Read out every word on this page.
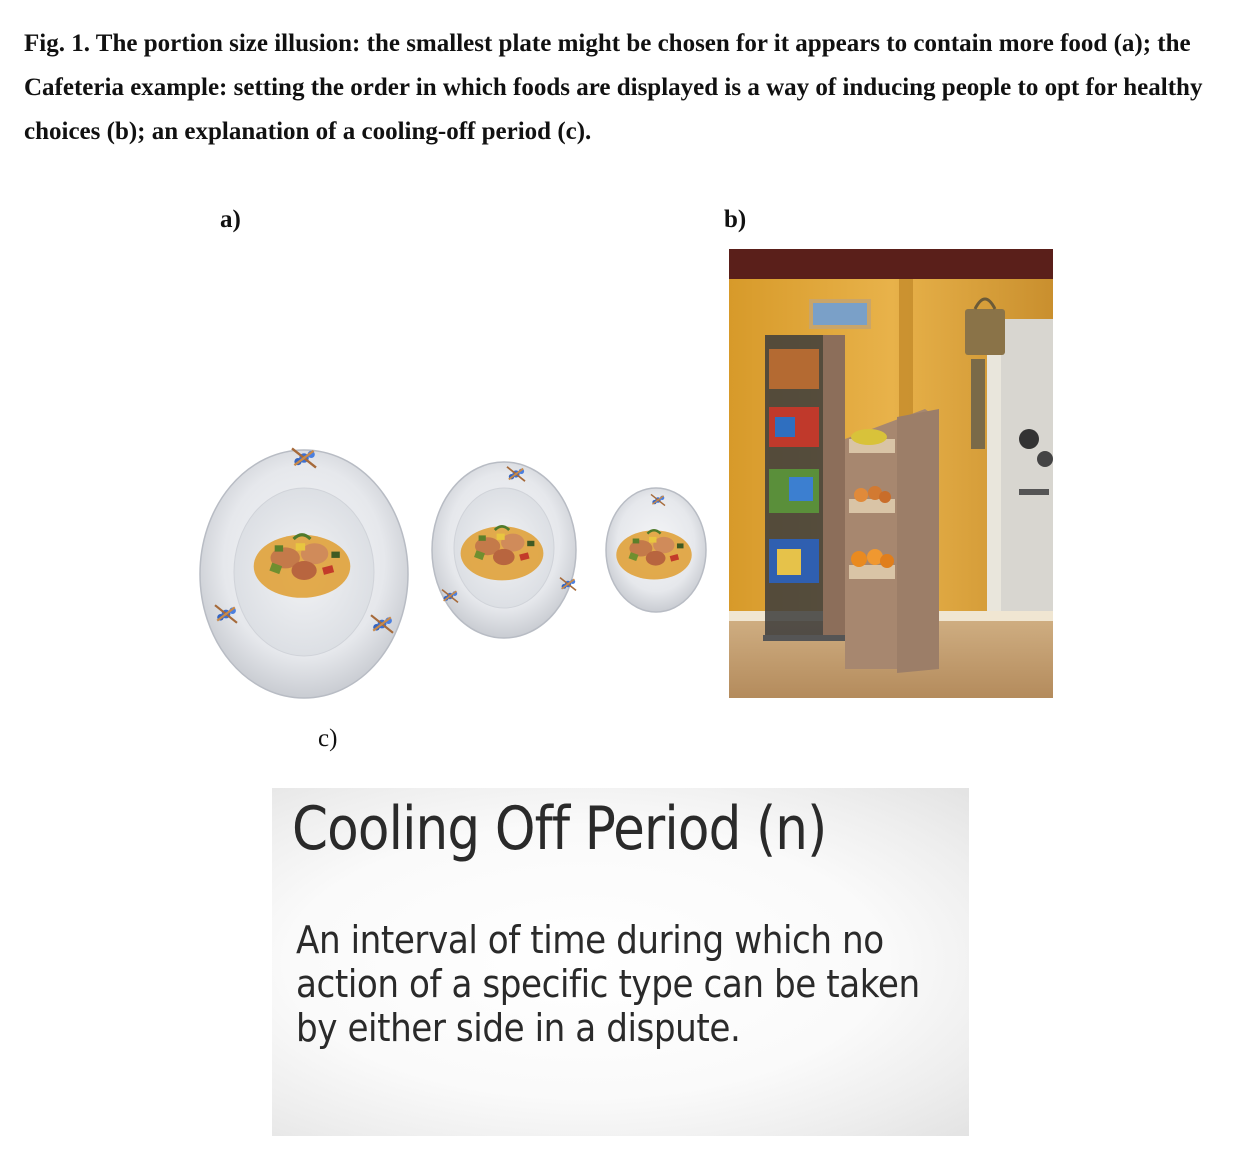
Fig. 1. The portion size illusion: the smallest plate might be chosen for it appears to contain more food (a); the Cafeteria example: setting the order in which foods are displayed is a way of inducing people to opt for healthy choices (b); an explanation of a cooling-off period (c).

a)	b)
c)
Cooling Off Period (n)
An interval of time during which no
action of a specific type can be taken
by either side in a dispute.
